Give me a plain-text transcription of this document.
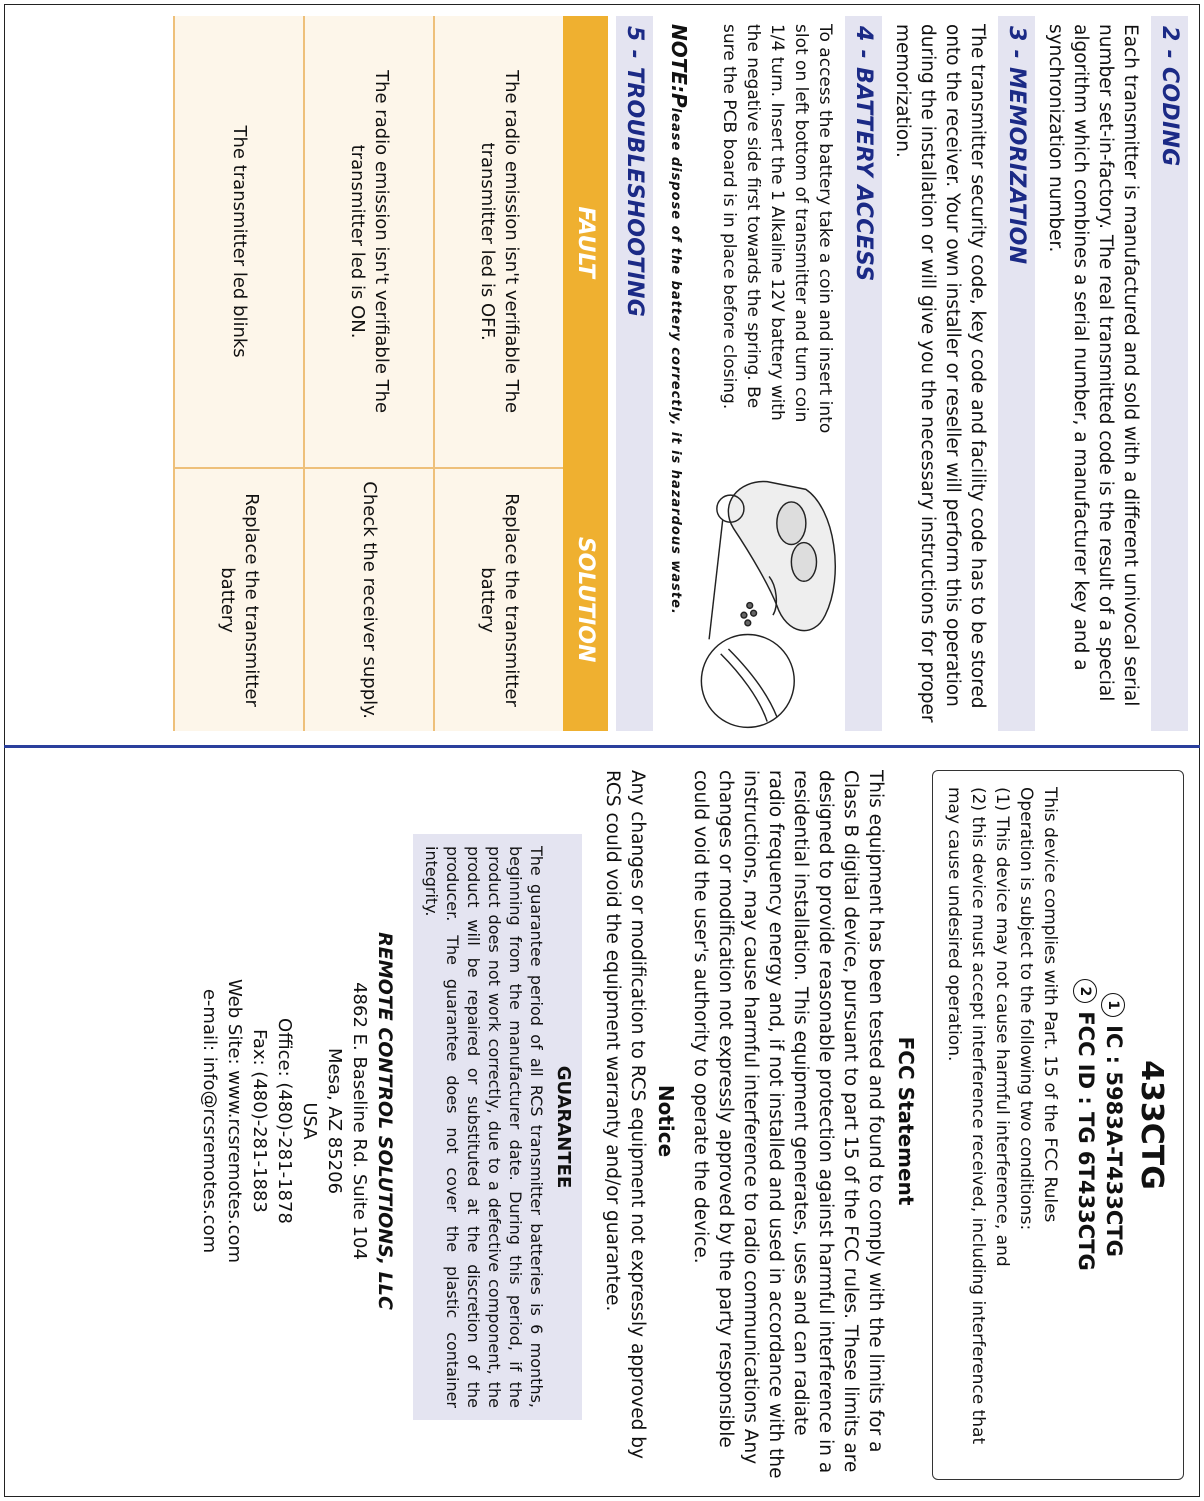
2 - CODING
Each transmitter is manufactured and sold with a different univocal serial number set-in-factory. The real transmitted code is the result of a special algorithm which combines a serial number, a manufacturer key and a synchronization number.
3 - MEMORIZATION
The transmitter security code, key code and facility code has to be stored onto the receiver. Your own installer or reseller will perform this operation during the installation or will give you the necessary instructions for proper memorization.
4 - BATTERY ACCESS
To access the battery take a coin and insert into slot on left bottom of transmitter and turn coin 1/4 turn. Insert the 1 Alkaline 12V battery with the negative side first towards the spring. Be sure the PCB board is in place before closing.
NOTE:Please dispose of the battery correctly, it is hazardous waste.
5 - TROUBLESHOOTING
FAULT	SOLUTION
The radio emission isn't verifiable The transmitter led is OFF.	Replace the transmitter battery
The radio emission isn't verifiable The transmitter led is ON.	Check the receiver supply.
The transmitter led blinks	Replace the transmitter battery
433CTG
1IC : 5983A-T433CTG
2FCC ID : TG 6T433CTG
This device complies with Part. 15 of the FCC Rules
Operation is subject to the following two conditions:
(1) This device may not cause harmful interference, and
(2) this device must accept interference received, including interference that may cause undesired operation.
FCC Statement
This equipment has been tested and found to comply with the limits for a Class B digital device, pursuant to part 15 of the FCC rules. These limits are designed to provide reasonable protection against harmful interference in a residential installation. This equipment generates, uses and can radiate radio frequency energy and, if not installed and used in accordance with the instructions, may cause harmful interference to radio communications Any changes or modification not expressly approved by the party responsible could void the user's authority to operate the device.
Notice
Any changes or modification to RCS equipment not expressly approved by RCS could void the equipment warranty and/or guarantee.
GUARANTEE
The guarantee period of all RCS transmitter batteries is 6 months, beginning from the manufacturer date. During this period, if the product does not work correctly, due to a defective component, the product will be repaired or substituted at the discretion of the producer. The guarantee does not cover the plastic container integrity.
REMOTE CONTROL SOLUTIONS, LLC
4862 E. Baseline Rd. Suite 104
Mesa, AZ 85206
USA
Office: (480)-281-1878
Fax: (480)-281-1883
Web Site: www.rcsremotes.com
e-mail: info@rcsremotes.com
